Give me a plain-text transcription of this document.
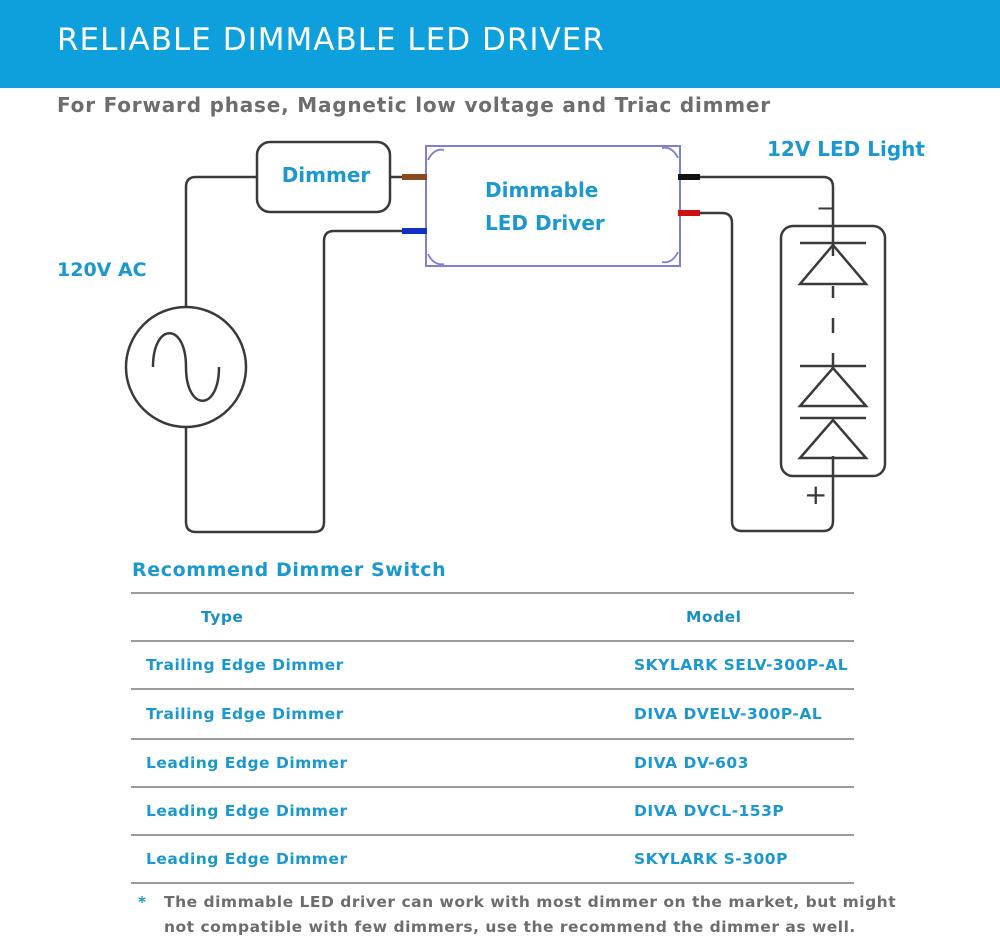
RELIABLE DIMMABLE LED DRIVER
For Forward phase, Magnetic low voltage and Triac dimmer
Dimmer
Dimmable
LED Driver
120V AC
12V LED Light
−
+
Recommend Dimmer Switch
Type	Model
Trailing Edge Dimmer	SKYLARK SELV-300P-AL
Trailing Edge Dimmer	DIVA DVELV-300P-AL
Leading Edge Dimmer	DIVA DV-603
Leading Edge Dimmer	DIVA DVCL-153P
Leading Edge Dimmer	SKYLARK S-300P
* The dimmable LED driver can work with most dimmer on the market, but might not compatible with few dimmers, use the recommend the dimmer as well.
